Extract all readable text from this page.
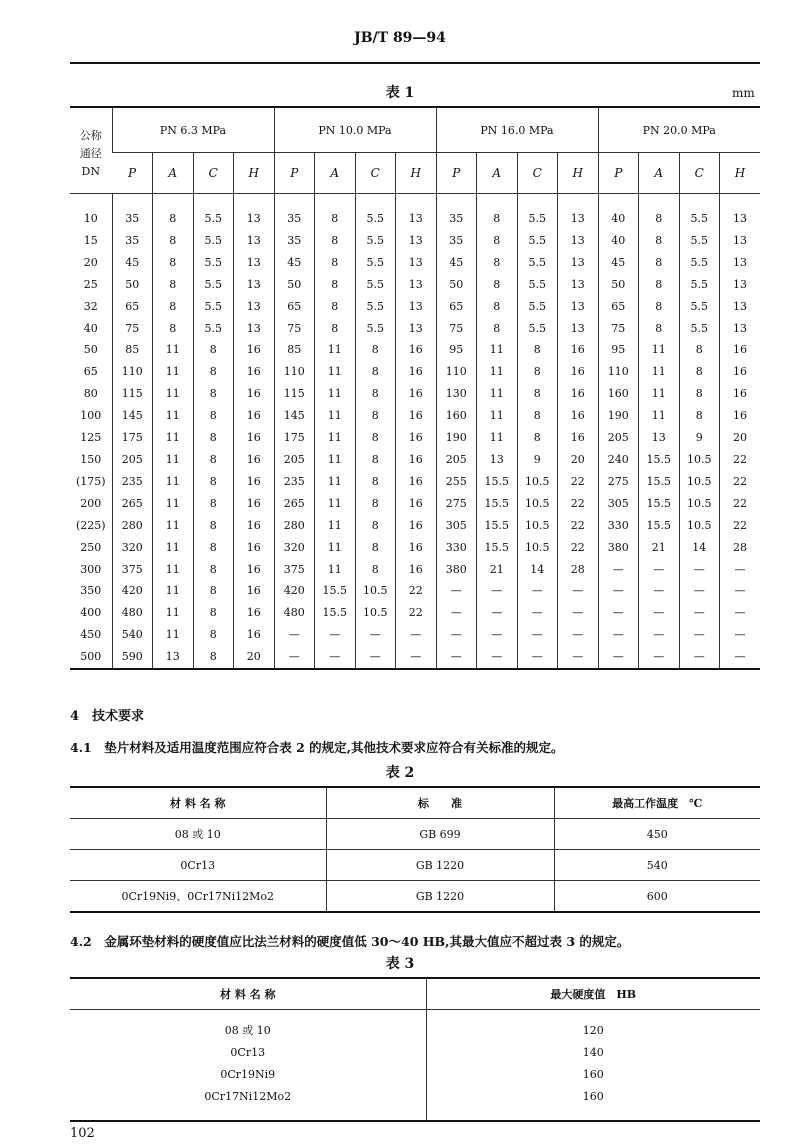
JB/T 89—94
表 1	mm
公称
通径
DN	PN 6.3 MPa				PN 10.0 MPa				PN 16.0 MPa				PN 20.0 MPa			
	P	A	C	H	P	A	C	H	P	A	C	H	P	A	C	H

10	35	8	5.5	13	35	8	5.5	13	35	8	5.5	13	40	8	5.5	13
15	35	8	5.5	13	35	8	5.5	13	35	8	5.5	13	40	8	5.5	13
20	45	8	5.5	13	45	8	5.5	13	45	8	5.5	13	45	8	5.5	13
25	50	8	5.5	13	50	8	5.5	13	50	8	5.5	13	50	8	5.5	13
32	65	8	5.5	13	65	8	5.5	13	65	8	5.5	13	65	8	5.5	13
40	75	8	5.5	13	75	8	5.5	13	75	8	5.5	13	75	8	5.5	13
50	85	11	8	16	85	11	8	16	95	11	8	16	95	11	8	16
65	110	11	8	16	110	11	8	16	110	11	8	16	110	11	8	16
80	115	11	8	16	115	11	8	16	130	11	8	16	160	11	8	16
100	145	11	8	16	145	11	8	16	160	11	8	16	190	11	8	16
125	175	11	8	16	175	11	8	16	190	11	8	16	205	13	9	20
150	205	11	8	16	205	11	8	16	205	13	9	20	240	15.5	10.5	22
(175)	235	11	8	16	235	11	8	16	255	15.5	10.5	22	275	15.5	10.5	22
200	265	11	8	16	265	11	8	16	275	15.5	10.5	22	305	15.5	10.5	22
(225)	280	11	8	16	280	11	8	16	305	15.5	10.5	22	330	15.5	10.5	22
250	320	11	8	16	320	11	8	16	330	15.5	10.5	22	380	21	14	28
300	375	11	8	16	375	11	8	16	380	21	14	28	—	—	—	—
350	420	11	8	16	420	15.5	10.5	22	—	—	—	—	—	—	—	—
400	480	11	8	16	480	15.5	10.5	22	—	—	—	—	—	—	—	—
450	540	11	8	16	—	—	—	—	—	—	—	—	—	—	—	—
500	590	13	8	20	—	—	—	—	—	—	—	—	—	—	—	—
4　技术要求
4.1　垫片材料及适用温度范围应符合表 2 的规定,其他技术要求应符合有关标准的规定。
表 2
材 料 名 称	标　　准	最高工作温度　℃
08 或 10	GB 699	450
0Cr13	GB 1220	540
0Cr19Ni9、0Cr17Ni12Mo2	GB 1220	600
4.2　金属环垫材料的硬度值应比法兰材料的硬度值低 30～40 HB,其最大值应不超过表 3 的规定。
表 3
材 料 名 称	最大硬度值　HB
08 或 10	120
0Cr13	140
0Cr19Ni9	160
0Cr17Ni12Mo2	160
102
